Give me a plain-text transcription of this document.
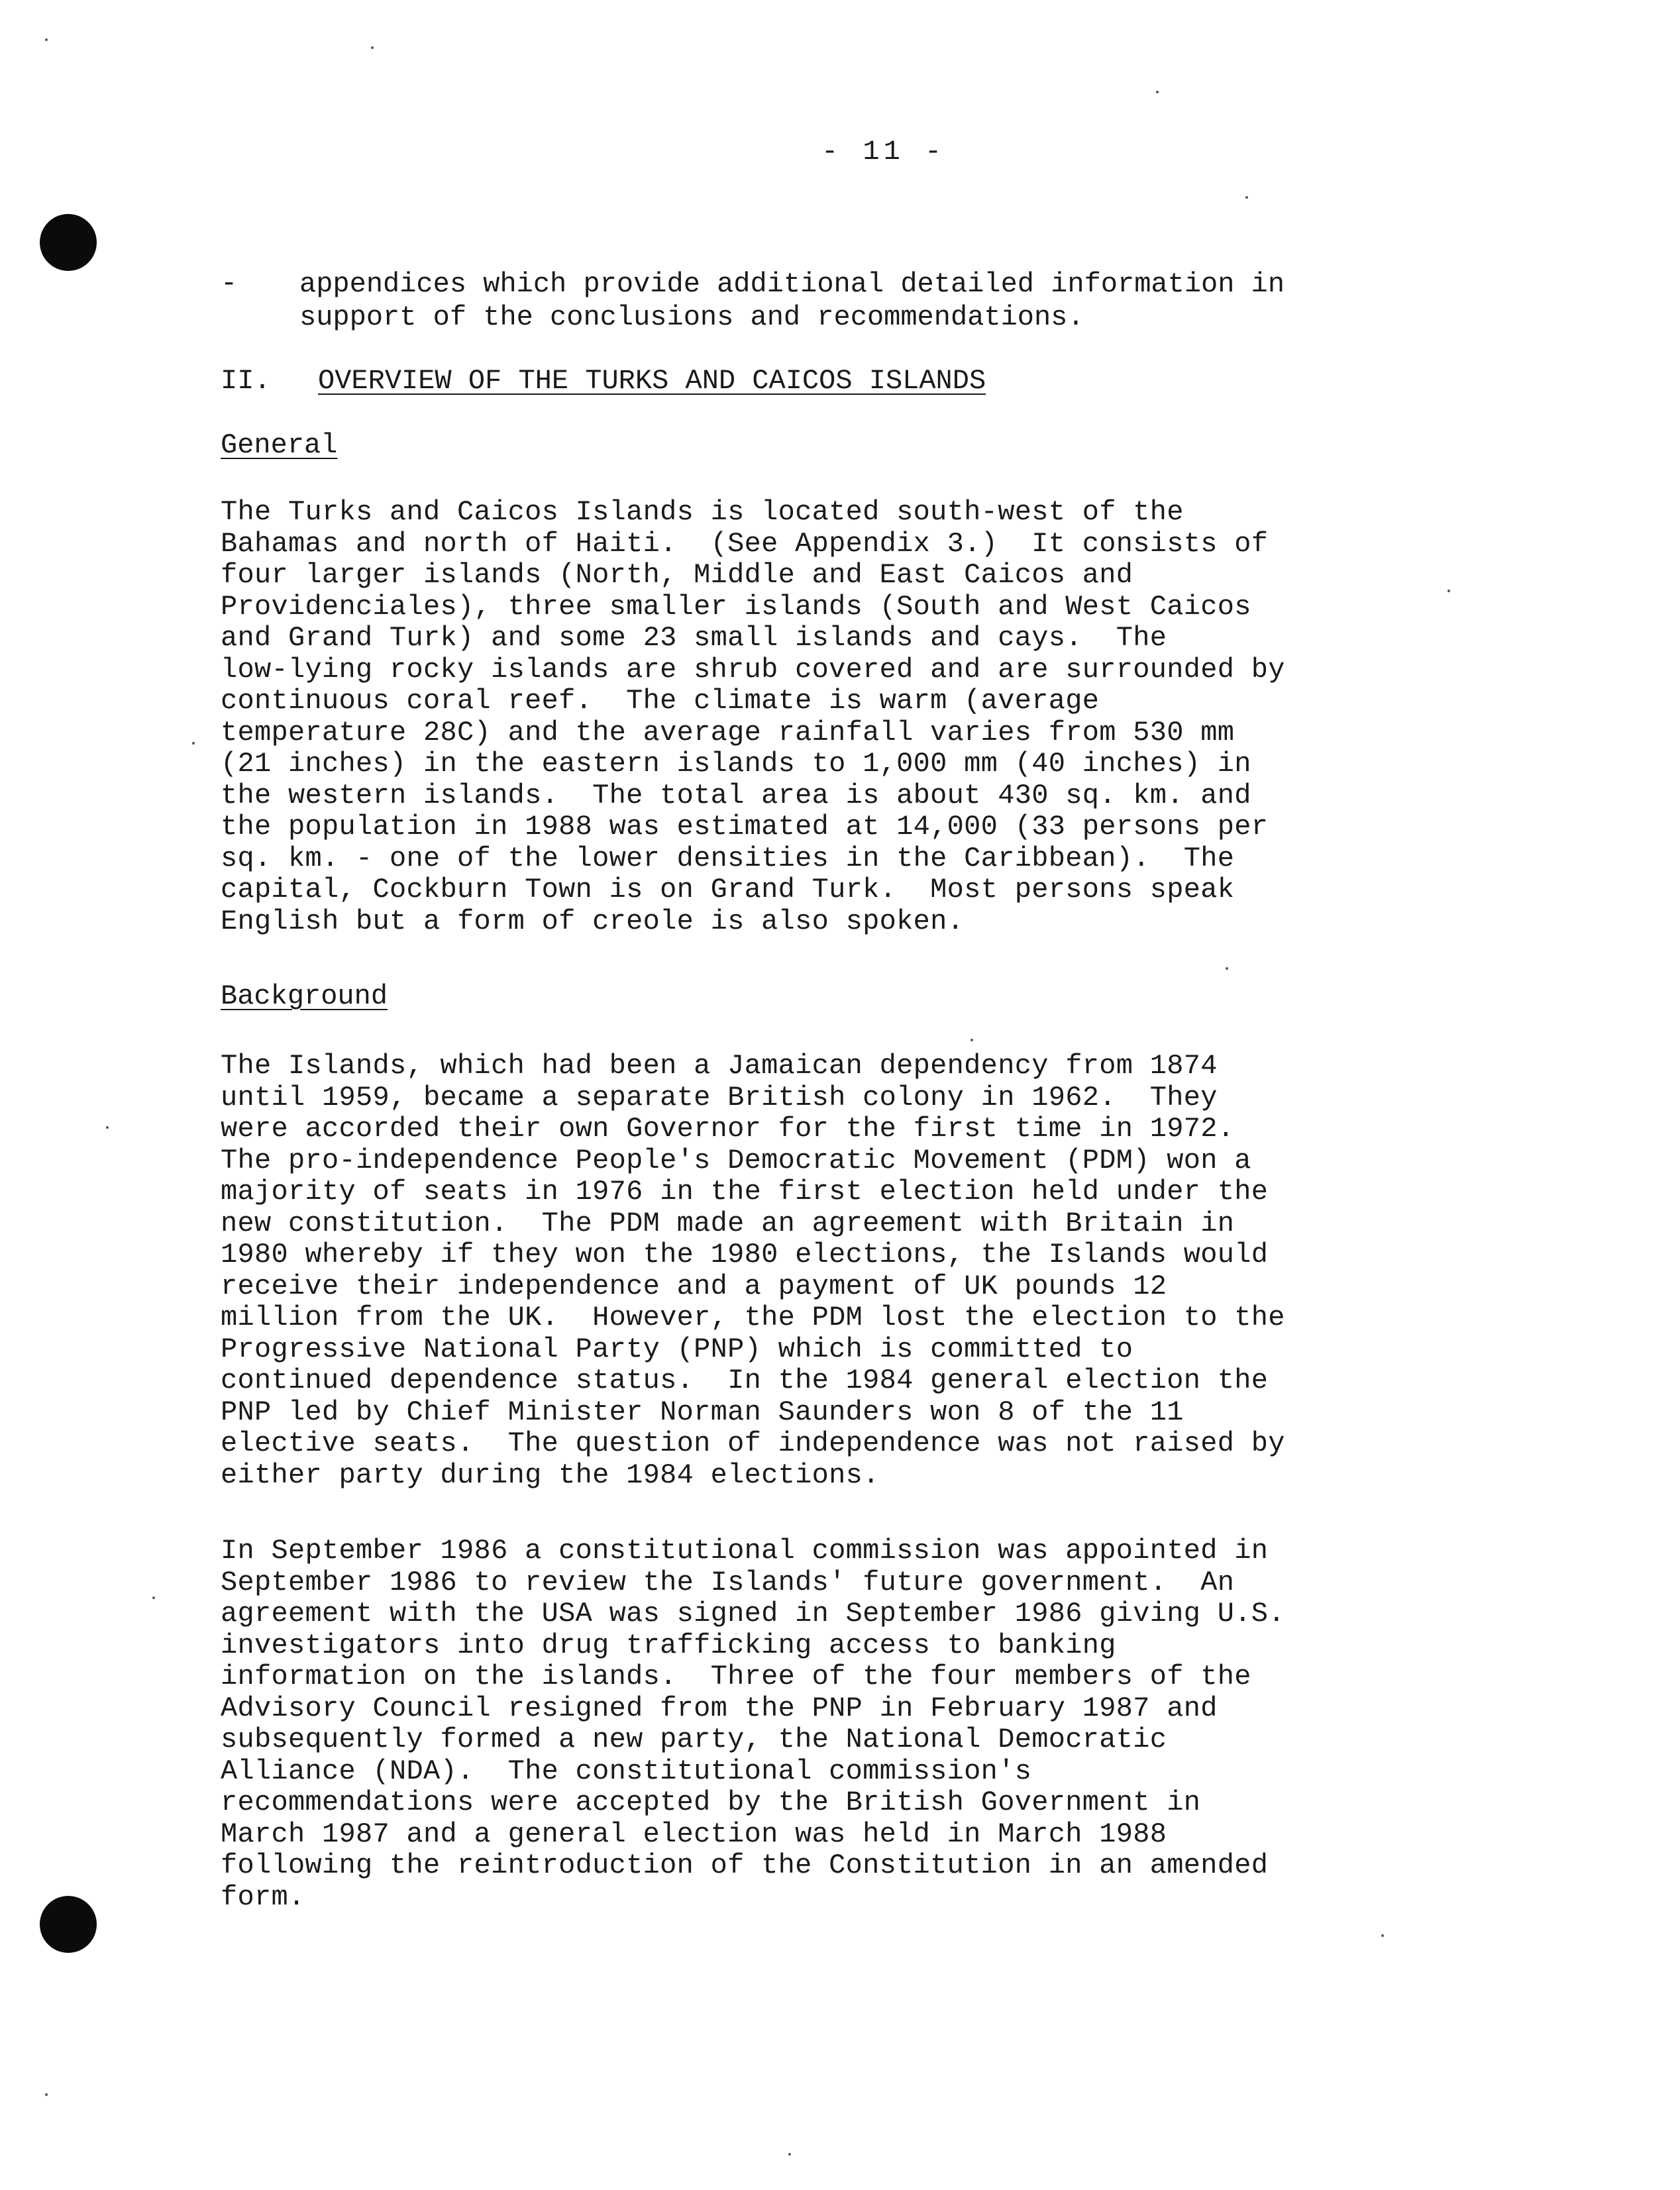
- 11 -
- appendices which provide additional detailed information in
support of the conclusions and recommendations.
II. OVERVIEW OF THE TURKS AND CAICOS ISLANDS
General
The Turks and Caicos Islands is located south-west of the
Bahamas and north of Haiti.  (See Appendix 3.)  It consists of
four larger islands (North, Middle and East Caicos and
Providenciales), three smaller islands (South and West Caicos
and Grand Turk) and some 23 small islands and cays.  The
low-lying rocky islands are shrub covered and are surrounded by
continuous coral reef.  The climate is warm (average
temperature 28C) and the average rainfall varies from 530 mm
(21 inches) in the eastern islands to 1,000 mm (40 inches) in
the western islands.  The total area is about 430 sq. km. and
the population in 1988 was estimated at 14,000 (33 persons per
sq. km. - one of the lower densities in the Caribbean).  The
capital, Cockburn Town is on Grand Turk.  Most persons speak
English but a form of creole is also spoken.
Background
The Islands, which had been a Jamaican dependency from 1874
until 1959, became a separate British colony in 1962.  They
were accorded their own Governor for the first time in 1972.
The pro-independence People's Democratic Movement (PDM) won a
majority of seats in 1976 in the first election held under the
new constitution.  The PDM made an agreement with Britain in
1980 whereby if they won the 1980 elections, the Islands would
receive their independence and a payment of UK pounds 12
million from the UK.  However, the PDM lost the election to the
Progressive National Party (PNP) which is committed to
continued dependence status.  In the 1984 general election the
PNP led by Chief Minister Norman Saunders won 8 of the 11
elective seats.  The question of independence was not raised by
either party during the 1984 elections.
In September 1986 a constitutional commission was appointed in
September 1986 to review the Islands' future government.  An
agreement with the USA was signed in September 1986 giving U.S.
investigators into drug trafficking access to banking
information on the islands.  Three of the four members of the
Advisory Council resigned from the PNP in February 1987 and
subsequently formed a new party, the National Democratic
Alliance (NDA).  The constitutional commission's
recommendations were accepted by the British Government in
March 1987 and a general election was held in March 1988
following the reintroduction of the Constitution in an amended
form.
